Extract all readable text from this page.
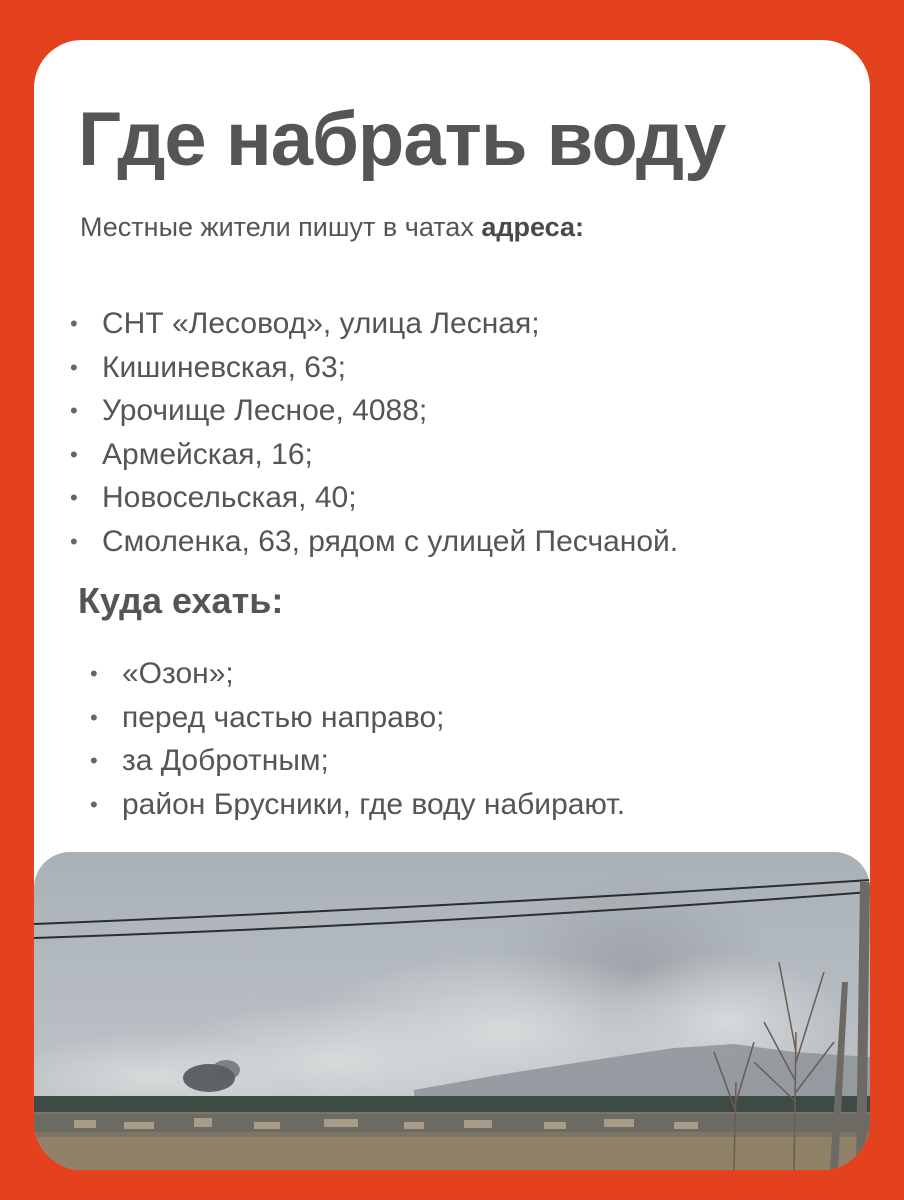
Где набрать воду

Местные жители пишут в чатах адреса:

• СНТ «Лесовод», улица Лесная;
• Кишиневская, 63;
• Урочище Лесное, 4088;
• Армейская, 16;
• Новосельская, 40;
• Смоленка, 63, рядом с улицей Песчаной.
Куда ехать:
• «Озон»;
• перед частью направо;
• за Добротным;
• район Брусники, где воду набирают.
